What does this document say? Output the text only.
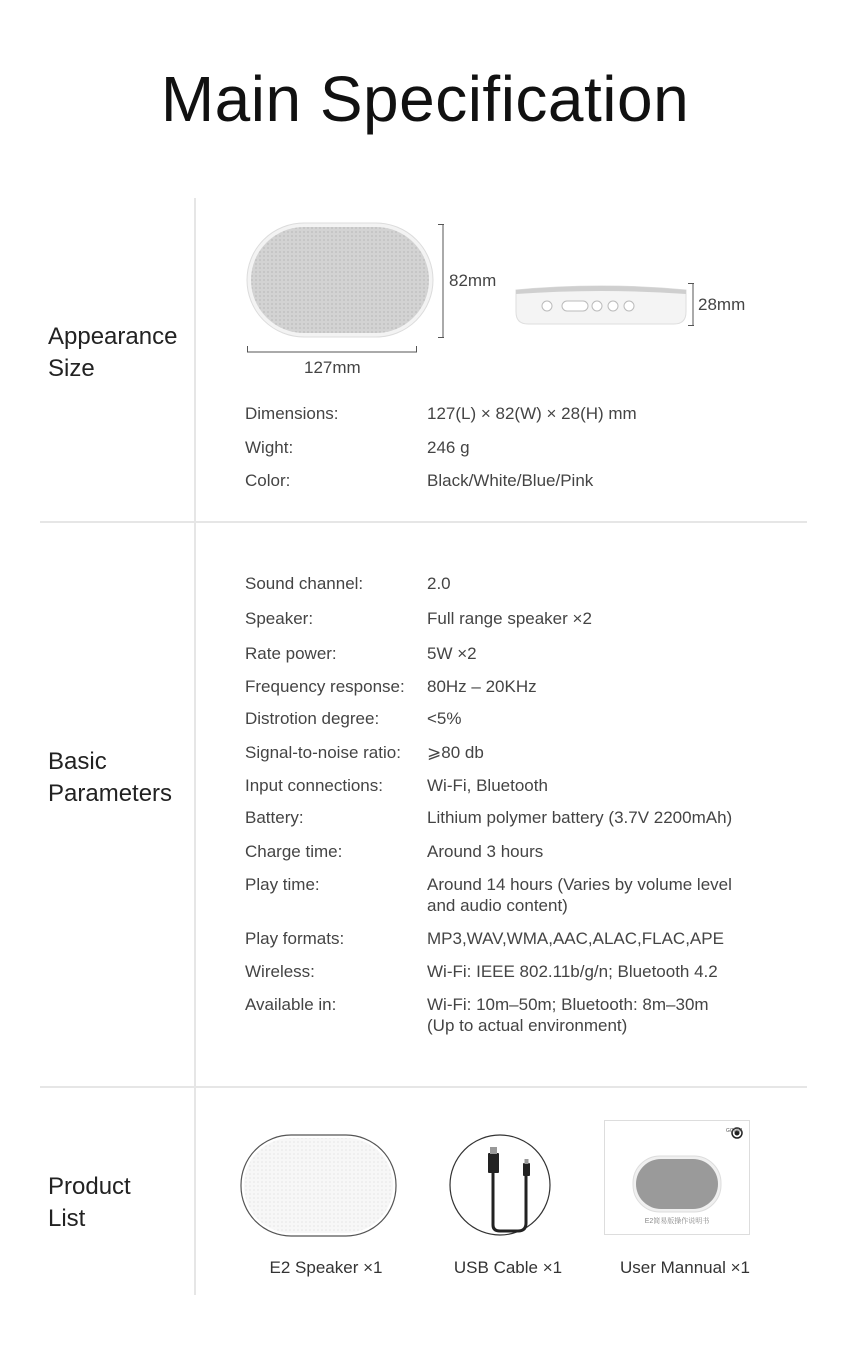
Main Specification
Appearance
Size
82mm
127mm
28mm
Dimensions:	127(L) × 82(W) × 28(H) mm
Wight:	246 g
Color:	Black/White/Blue/Pink
Basic
Parameters
Sound channel:	2.0
Speaker:	Full range speaker ×2
Rate power:	5W ×2
Frequency response:	80Hz – 20KHz
Distrotion degree:	<5%
Signal-to-noise ratio:	⩾80 db
Input connections:	Wi-Fi, Bluetooth
Battery:	Lithium polymer battery (3.7V 2200mAh)
Charge time:	Around 3 hours
Play time:	Around 14 hours (Varies by volume level
and audio content)
Play formats:	MP3,WAV,WMA,AAC,ALAC,FLAC,APE
Wireless:	Wi-Fi: IEEE 802.11b/g/n; Bluetooth 4.2
Available in:	Wi-Fi: 10m–50m; Bluetooth: 8m–30m
(Up to actual environment)
Product
List
GGMM
E2简易版操作说明书
E2 Speaker ×1	USB Cable ×1	User Mannual ×1
